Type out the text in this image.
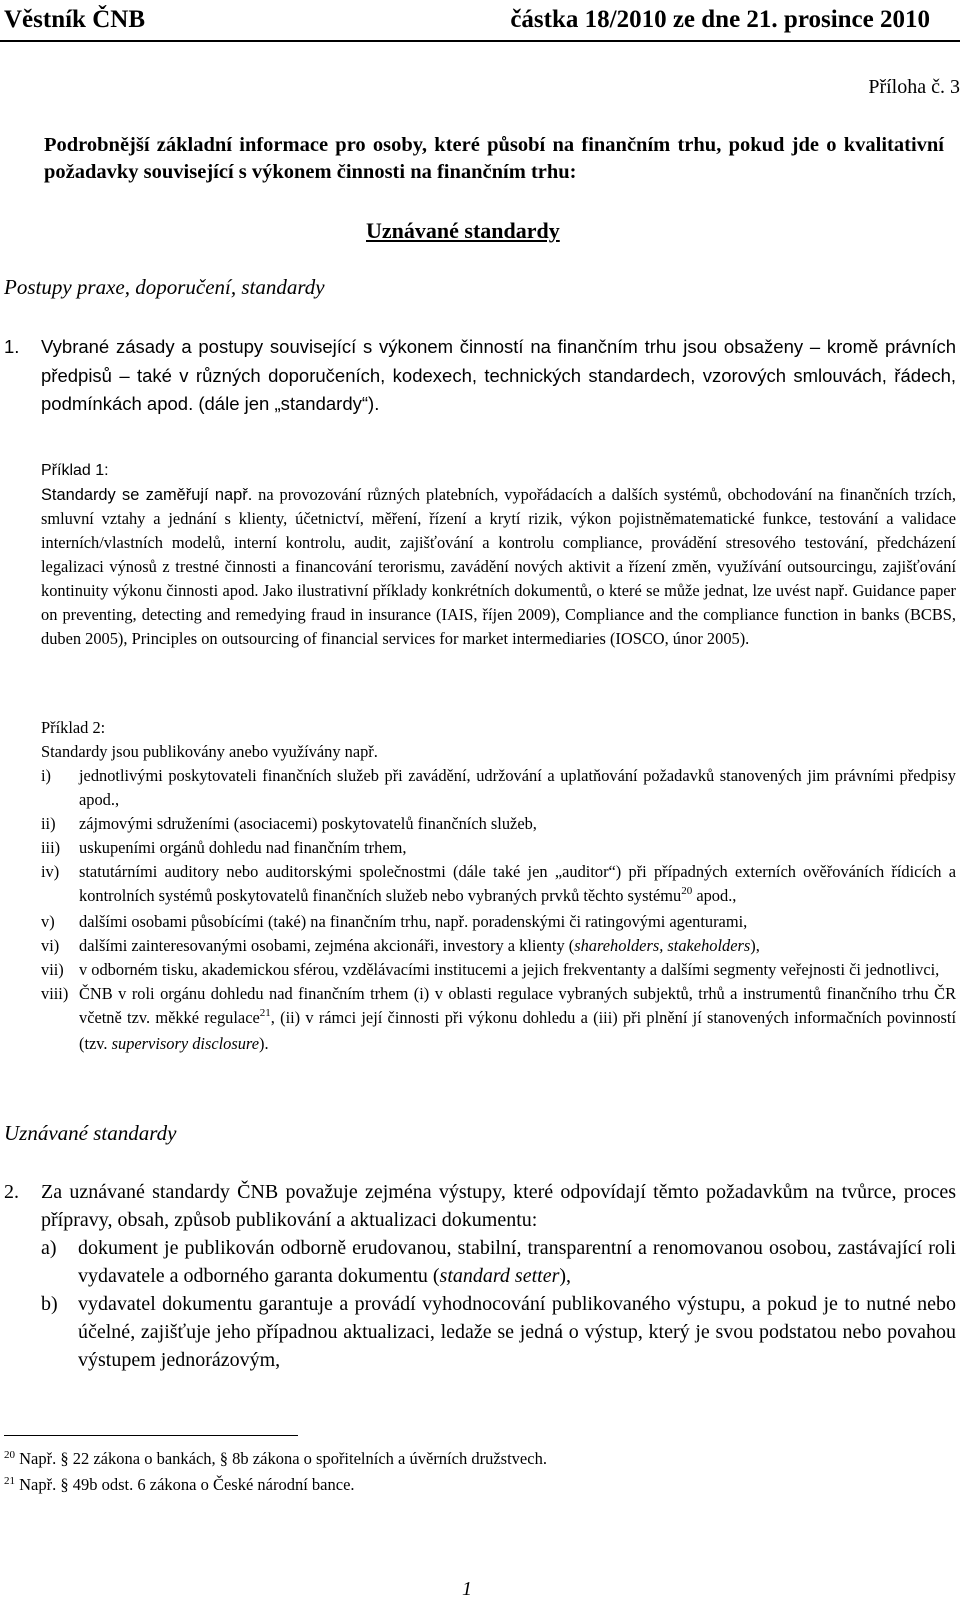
Věstník ČNB	částka 18/2010 ze dne 21. prosince 2010
Příloha č. 3
Podrobnější základní informace pro osoby, které působí na finančním trhu, pokud jde o kvalitativní požadavky související s výkonem činnosti na finančním trhu:
Uznávané standardy
Postupy praxe, doporučení, standardy
1. Vybrané zásady a postupy související s výkonem činností na finančním trhu jsou obsaženy – kromě právních předpisů – také v různých doporučeních, kodexech, technických standardech, vzorových smlouvách, řádech, podmínkách apod. (dále jen „standardy“).
Příklad 1:
Standardy se zaměřují např. na provozování různých platebních, vypořádacích a dalších systémů, obchodování na finančních trzích, smluvní vztahy a jednání s klienty, účetnictví, měření, řízení a krytí rizik, výkon pojistněmatematické funkce, testování a validace interních/vlastních modelů, interní kontrolu, audit, zajišťování a kontrolu compliance, provádění stresového testování, předcházení legalizaci výnosů z trestné činnosti a financování terorismu, zavádění nových aktivit a řízení změn, využívání outsourcingu, zajišťování kontinuity výkonu činnosti apod. Jako ilustrativní příklady konkrétních dokumentů, o které se může jednat, lze uvést např. Guidance paper on preventing, detecting and remedying fraud in insurance (IAIS, říjen 2009), Compliance and the compliance function in banks (BCBS, duben 2005), Principles on outsourcing of financial services for market intermediaries (IOSCO, únor 2005).
Příklad 2:
Standardy jsou publikovány anebo využívány např.
i) jednotlivými poskytovateli finančních služeb při zavádění, udržování a uplatňování požadavků stanovených jim právními předpisy apod.,
ii) zájmovými sdruženími (asociacemi) poskytovatelů finančních služeb,
iii) uskupeními orgánů dohledu nad finančním trhem,
iv) statutárními auditory nebo auditorskými společnostmi (dále také jen „auditor“) při případných externích ověřováních řídicích a kontrolních systémů poskytovatelů finančních služeb nebo vybraných prvků těchto systému$^{20}$ apod.,
v) dalšími osobami působícími (také) na finančním trhu, např. poradenskými či ratingovými agenturami,
vi) dalšími zainteresovanými osobami, zejména akcionáři, investory a klienty (shareholders, stakeholders),
vii) v odborném tisku, akademickou sférou, vzdělávacími institucemi a jejich frekventanty a dalšími segmenty veřejnosti či jednotlivci,
viii) ČNB v roli orgánu dohledu nad finančním trhem (i) v oblasti regulace vybraných subjektů, trhů a instrumentů finančního trhu ČR včetně tzv. měkké regulace$^{21}$, (ii) v rámci její činnosti při výkonu dohledu a (iii) při plnění jí stanovených informačních povinností (tzv. supervisory disclosure).
Uznávané standardy
2. Za uznávané standardy ČNB považuje zejména výstupy, které odpovídají těmto požadavkům na tvůrce, proces přípravy, obsah, způsob publikování a aktualizaci dokumentu:
a) dokument je publikován odborně erudovanou, stabilní, transparentní a renomovanou osobou, zastávající roli vydavatele a odborného garanta dokumentu (standard setter),
b) vydavatel dokumentu garantuje a provádí vyhodnocování publikovaného výstupu, a pokud je to nutné nebo účelné, zajišťuje jeho případnou aktualizaci, ledaže se jedná o výstup, který je svou podstatou nebo povahou výstupem jednorázovým,
$^{20}$ Např. § 22 zákona o bankách, § 8b zákona o spořitelních a úvěrních družstvech.
$^{21}$ Např. § 49b odst. 6 zákona o České národní bance.
1
